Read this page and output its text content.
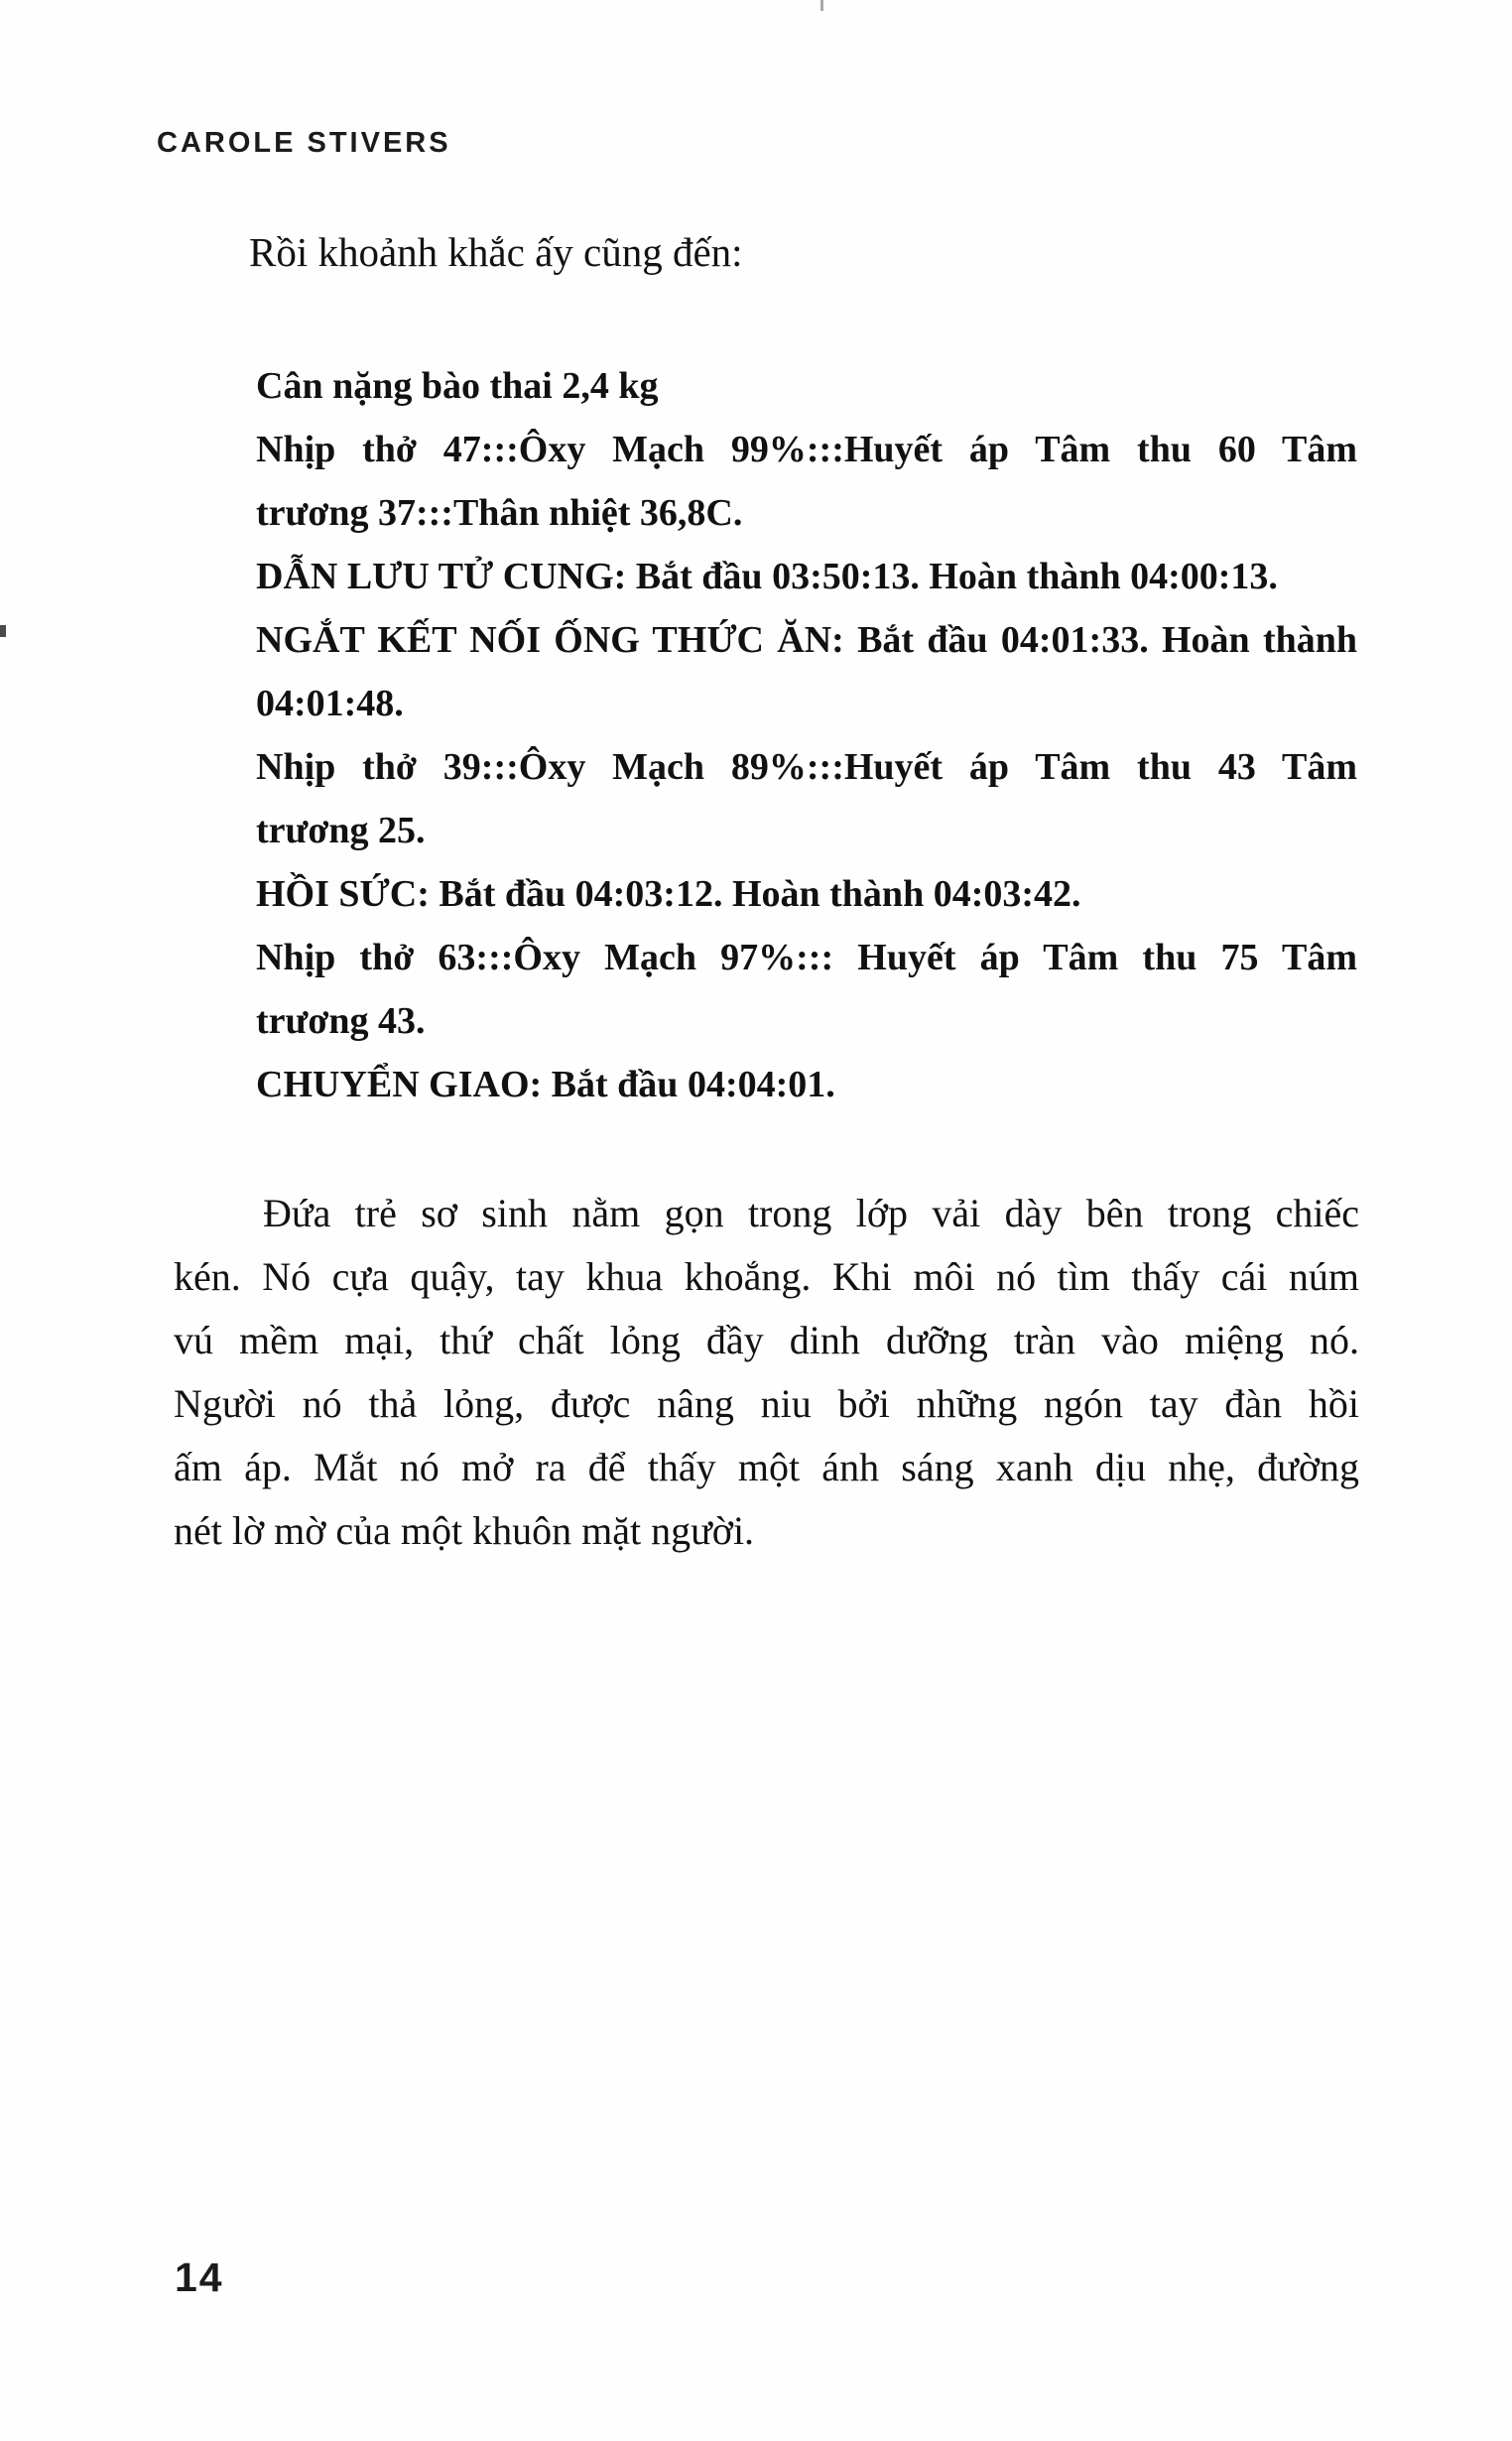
CAROLE STIVERS
Rồi khoảnh khắc ấy cũng đến:
Cân nặng bào thai 2,4 kg
Nhịp thở 47:::Ôxy Mạch 99%:::Huyết áp Tâm thu 60 Tâm
trương 37:::Thân nhiệt 36,8C.
DẪN LƯU TỬ CUNG: Bắt đầu 03:50:13. Hoàn thành 04:00:13.
NGẮT KẾT NỐI ỐNG THỨC ĂN: Bắt đầu 04:01:33. Hoàn thành
04:01:48.
Nhịp thở 39:::Ôxy Mạch 89%:::Huyết áp Tâm thu 43 Tâm
trương 25.
HỒI SỨC: Bắt đầu 04:03:12. Hoàn thành 04:03:42.
Nhịp thở 63:::Ôxy Mạch 97%::: Huyết áp Tâm thu 75 Tâm
trương 43.
CHUYỂN GIAO: Bắt đầu 04:04:01.
Đứa trẻ sơ sinh nằm gọn trong lớp vải dày bên trong chiếc
kén. Nó cựa quậy, tay khua khoắng. Khi môi nó tìm thấy cái núm
vú mềm mại, thứ chất lỏng đầy dinh dưỡng tràn vào miệng nó.
Người nó thả lỏng, được nâng niu bởi những ngón tay đàn hồi
ấm áp. Mắt nó mở ra để thấy một ánh sáng xanh dịu nhẹ, đường
nét lờ mờ của một khuôn mặt người.
14
